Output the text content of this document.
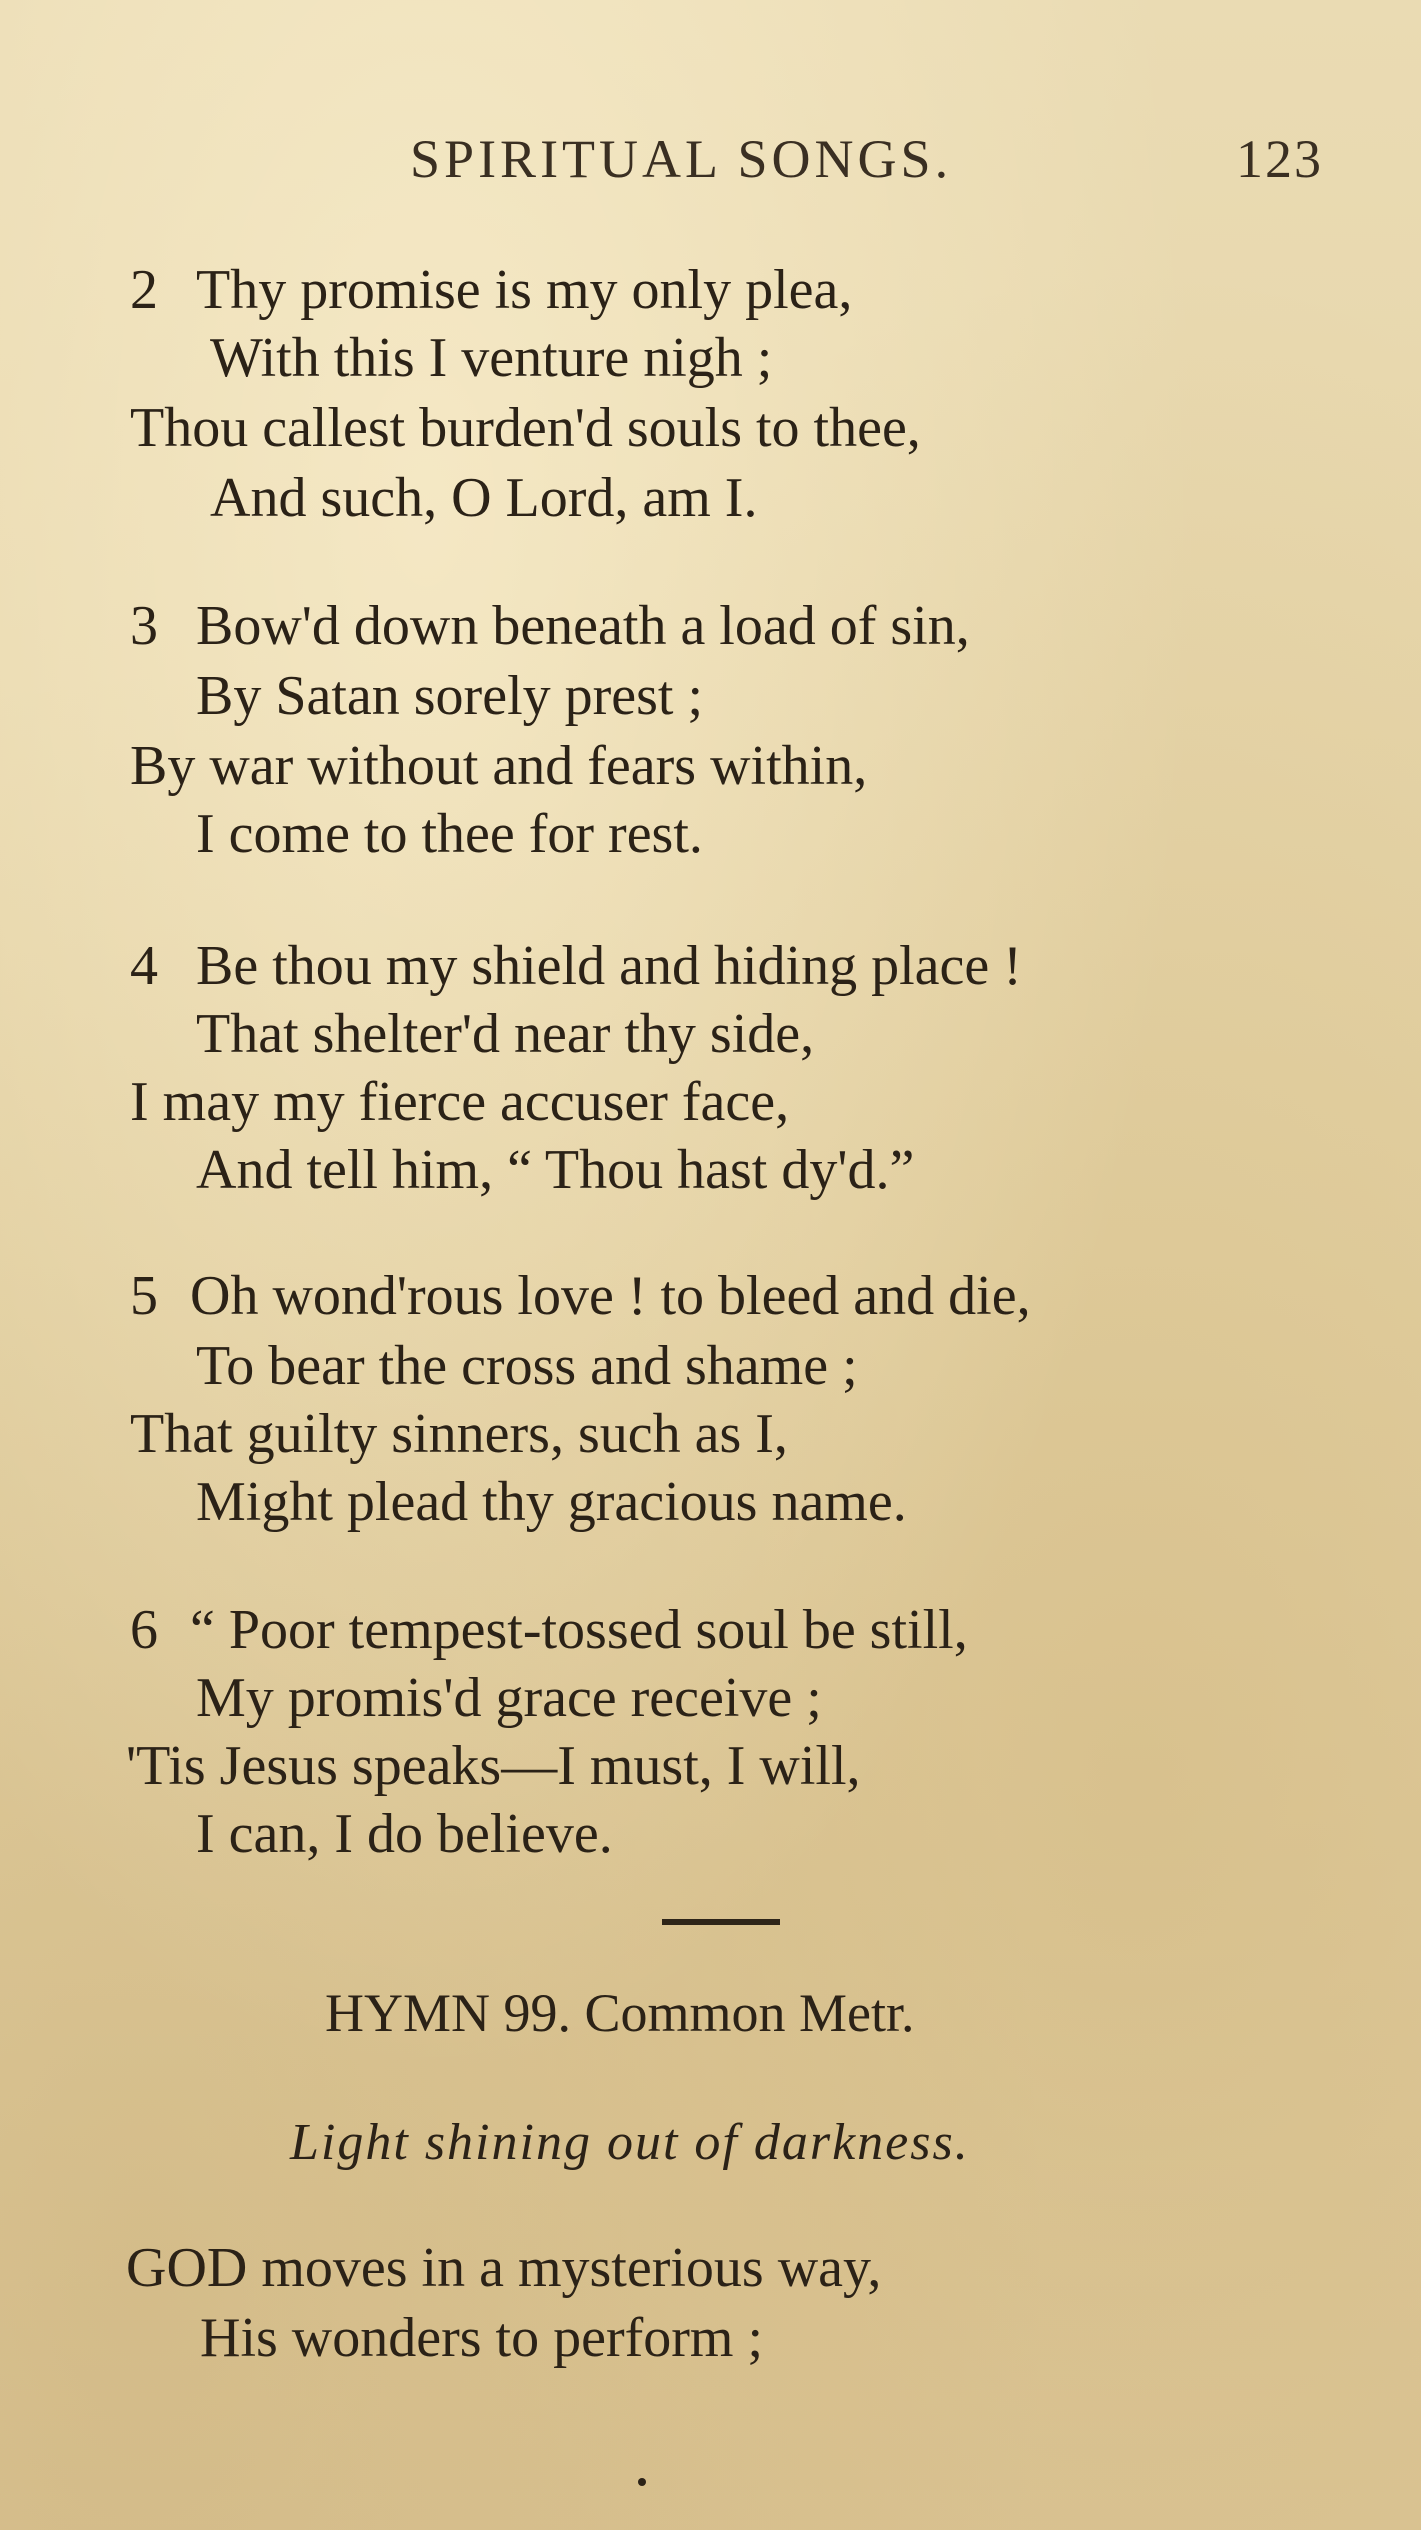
SPIRITUAL SONGS.	123
2 Thy promise is my only plea,
With this I venture nigh ;
Thou callest burden'd souls to thee,
And such, O Lord, am I.
3 Bow'd down beneath a load of sin,
By Satan sorely prest ;
By war without and fears within,
I come to thee for rest.
4 Be thou my shield and hiding place !
That shelter'd near thy side,
I may my fierce accuser face,
And tell him, “ Thou hast dy'd.”
5 Oh wond'rous love ! to bleed and die,
To bear the cross and shame ;
That guilty sinners, such as I,
Might plead thy gracious name.
6 “ Poor tempest-tossed soul be still,
My promis'd grace receive ;
'Tis Jesus speaks—I must, I will,
I can, I do believe.
HYMN 99. Common Metr.
Light shining out of darkness.
GOD moves in a mysterious way,
His wonders to perform ;
